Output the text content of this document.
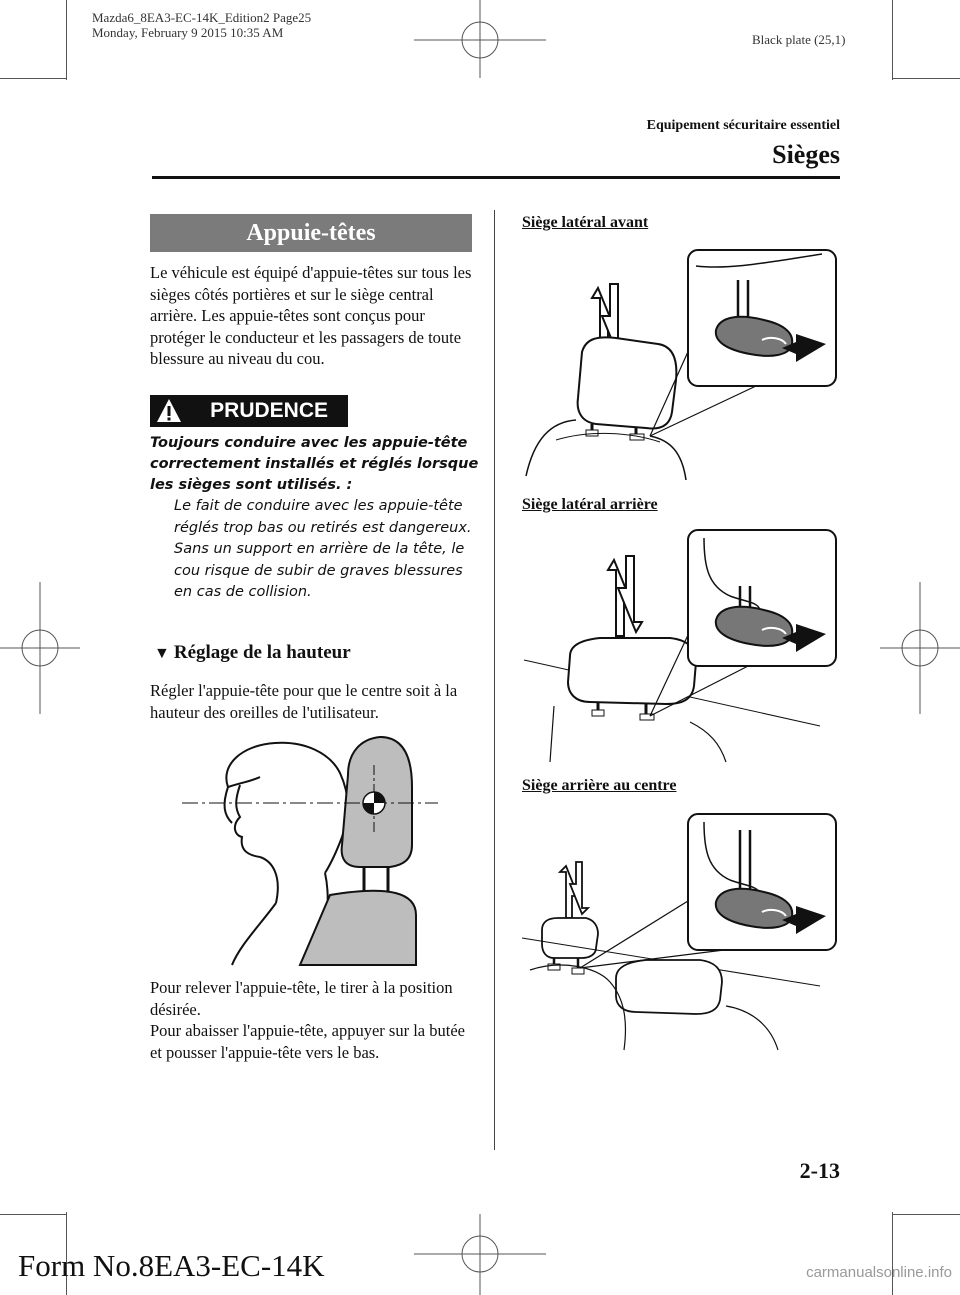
Mazda6_8EA3-EC-14K_Edition2 Page25
Monday, February 9 2015 10:35 AM	Black plate (25,1)
Equipement sécuritaire essentiel
Sièges
Appuie-têtes
Le véhicule est équipé d'appuie-têtes sur tous les sièges côtés portières et sur le siège central arrière. Les appuie-têtes sont conçus pour protéger le conducteur et les passagers de toute blessure au niveau du cou.
PRUDENCE
Toujours conduire avec les appuie-tête correctement installés et réglés lorsque les sièges sont utilisés. :
Le fait de conduire avec les appuie-tête réglés trop bas ou retirés est dangereux. Sans un support en arrière de la tête, le cou risque de subir de graves blessures en cas de collision.
▼ Réglage de la hauteur
Régler l'appuie-tête pour que le centre soit à la hauteur des oreilles de l'utilisateur.
Pour relever l'appuie-tête, le tirer à la position désirée.
Pour abaisser l'appuie-tête, appuyer sur la butée et pousser l'appuie-tête vers le bas.
Siège latéral avant
Siège latéral arrière
Siège arrière au centre
2-13
Form No.8EA3-EC-14K	carmanualsonline.info
